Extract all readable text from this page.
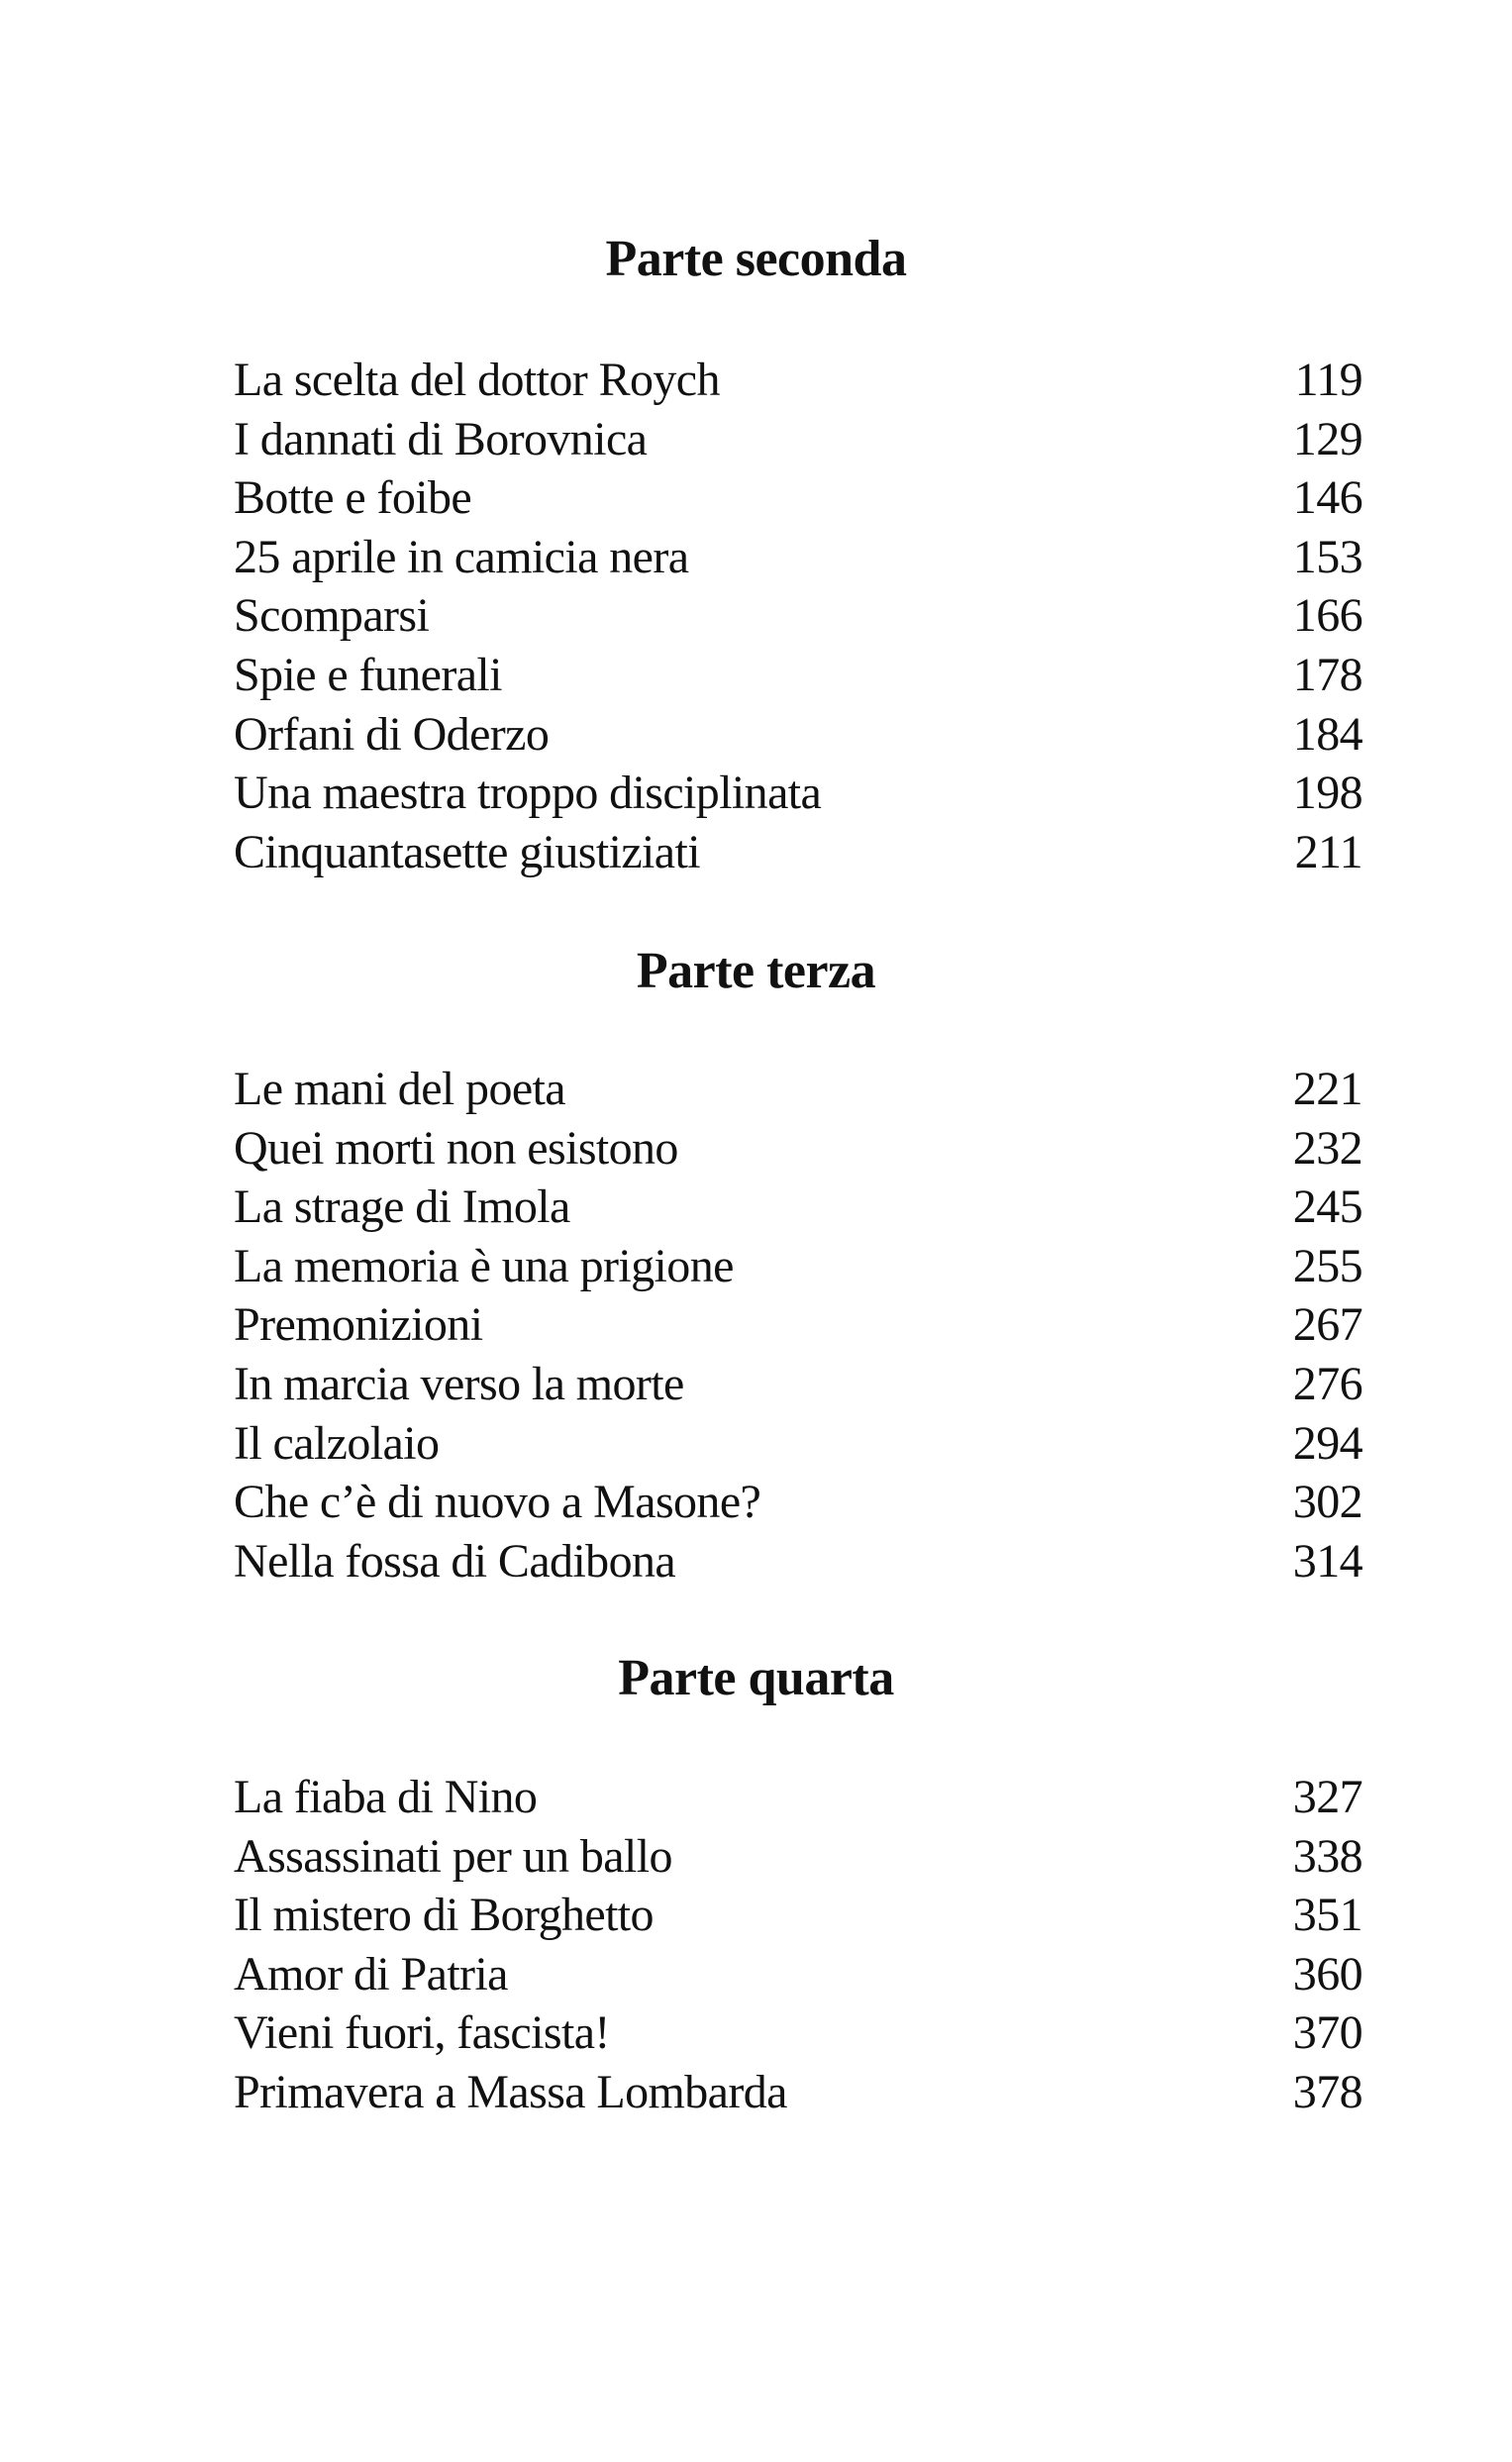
Parte seconda
La scelta del dottor Roych	119
I dannati di Borovnica	129
Botte e foibe	146
25 aprile in camicia nera	153
Scomparsi	166
Spie e funerali	178
Orfani di Oderzo	184
Una maestra troppo disciplinata	198
Cinquantasette giustiziati	211
Parte terza
Le mani del poeta	221
Quei morti non esistono	232
La strage di Imola	245
La memoria è una prigione	255
Premonizioni	267
In marcia verso la morte	276
Il calzolaio	294
Che c’è di nuovo a Masone?	302
Nella fossa di Cadibona	314
Parte quarta
La fiaba di Nino	327
Assassinati per un ballo	338
Il mistero di Borghetto	351
Amor di Patria	360
Vieni fuori, fascista!	370
Primavera a Massa Lombarda	378
